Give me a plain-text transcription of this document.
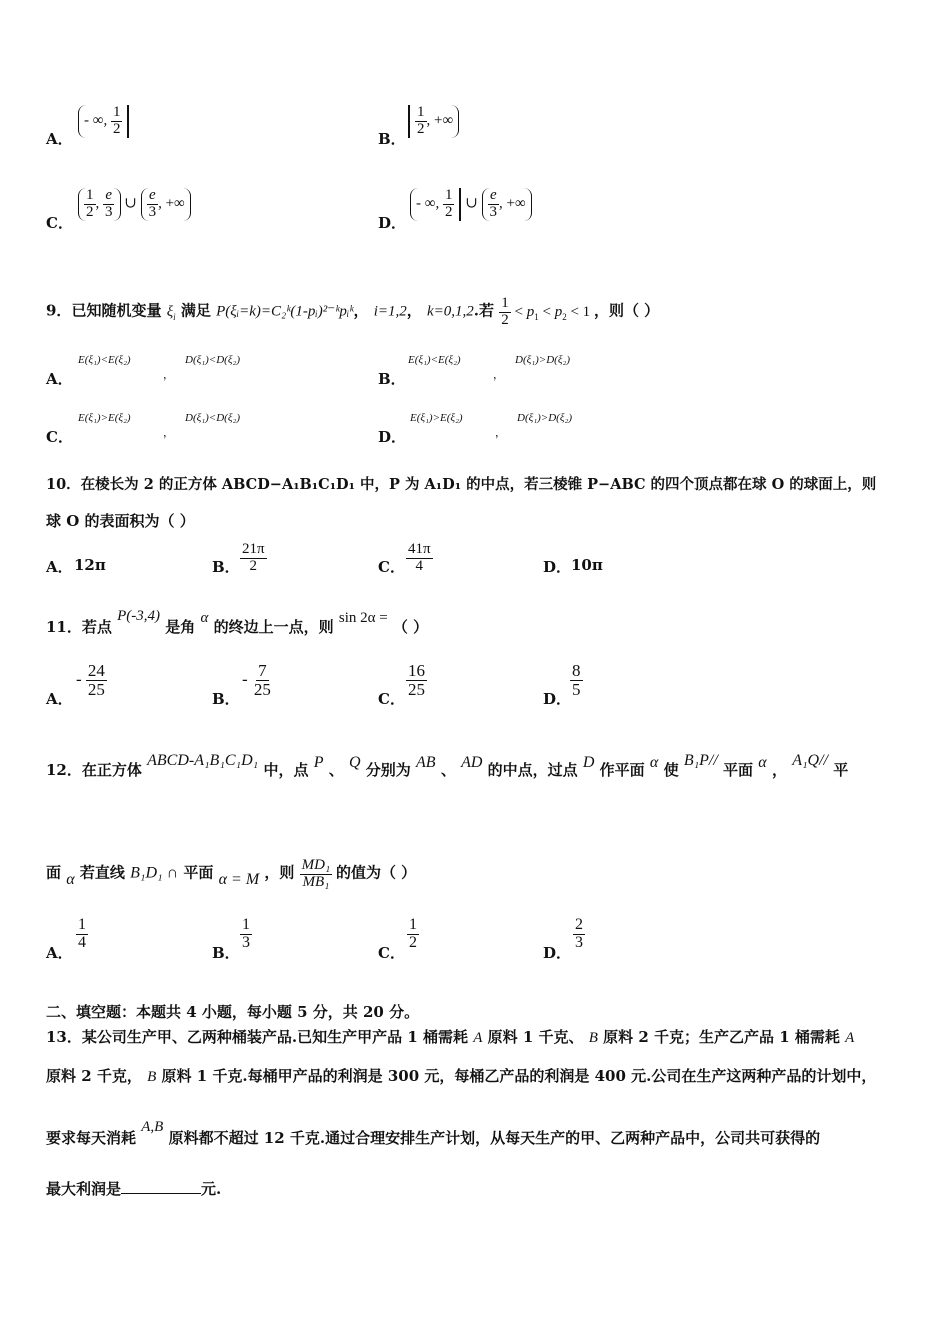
A．
- ∞, $\frac{1}{2}$
B．
$\frac{1}{2}$ , +∞
C．
$\frac{1}{2}$ , $\frac{e}{3}$ ∪ $\frac{e}{3}$ , +∞
D．
- ∞, $\frac{1}{2}$ ∪ $\frac{e}{3}$ , +∞
9．已知随机变量 $\xi_i$ 满足 P(ξᵢ=k)=C₂ᵏ(1-pᵢ)²⁻ᵏpᵢᵏ， i=1,2， k=0,1,2.若 $\frac{1}{2} < p_1 < p_2 < 1$ ，则（ ）
A．
E(ξ₁)<E(ξ₂)
，
D(ξ₁)<D(ξ₂)
B．
E(ξ₁)<E(ξ₂)
，
D(ξ₁)>D(ξ₂)
C．
E(ξ₁)>E(ξ₂)
，
D(ξ₁)<D(ξ₂)
D．
E(ξ₁)>E(ξ₂)
，
D(ξ₁)>D(ξ₂)
10．在棱长为 2 的正方体 ABCD−A₁B₁C₁D₁ 中，P 为 A₁D₁ 的中点，若三棱锥 P−ABC 的四个顶点都在球 O 的球面上，则
球 O 的表面积为（ ）
A． 12π	B． $\frac{21\pi}{2}$	C． $\frac{41\pi}{4}$	D． 10π
11．若点 P(-3,4) 是角 α 的终边上一点，则 sin 2α = （ ）
A．
- $\frac{24}{25}$
B．
- $\frac{7}{25}$
C．
$\frac{16}{25}$
D．
$\frac{8}{5}$
12．在正方体 ABCD-A₁B₁C₁D₁ 中，点 P 、 Q 分别为 AB 、 AD 的中点，过点 D 作平面 α 使 B₁P// 平面 α ， A₁Q// 平
面 α 若直线 B₁D₁ ∩ 平面 α = M ，则 $\frac{\text{MD₁}}{\text{MB₁}}$ 的值为（ ）
A．
$\frac{1}{4}$
B．
$\frac{1}{3}$
C．
$\frac{1}{2}$
D．
$\frac{2}{3}$
二、填空题：本题共 4 小题，每小题 5 分，共 20 分。
13．某公司生产甲、乙两种桶装产品.已知生产甲产品 1 桶需耗 A 原料 1 千克、 B 原料 2 千克；生产乙产品 1 桶需耗 A
原料 2 千克， B 原料 1 千克.每桶甲产品的利润是 300 元，每桶乙产品的利润是 400 元.公司在生产这两种产品的计划中，
要求每天消耗 A,B 原料都不超过 12 千克.通过合理安排生产计划，从每天生产的甲、乙两种产品中，公司共可获得的
最大利润是	元.
